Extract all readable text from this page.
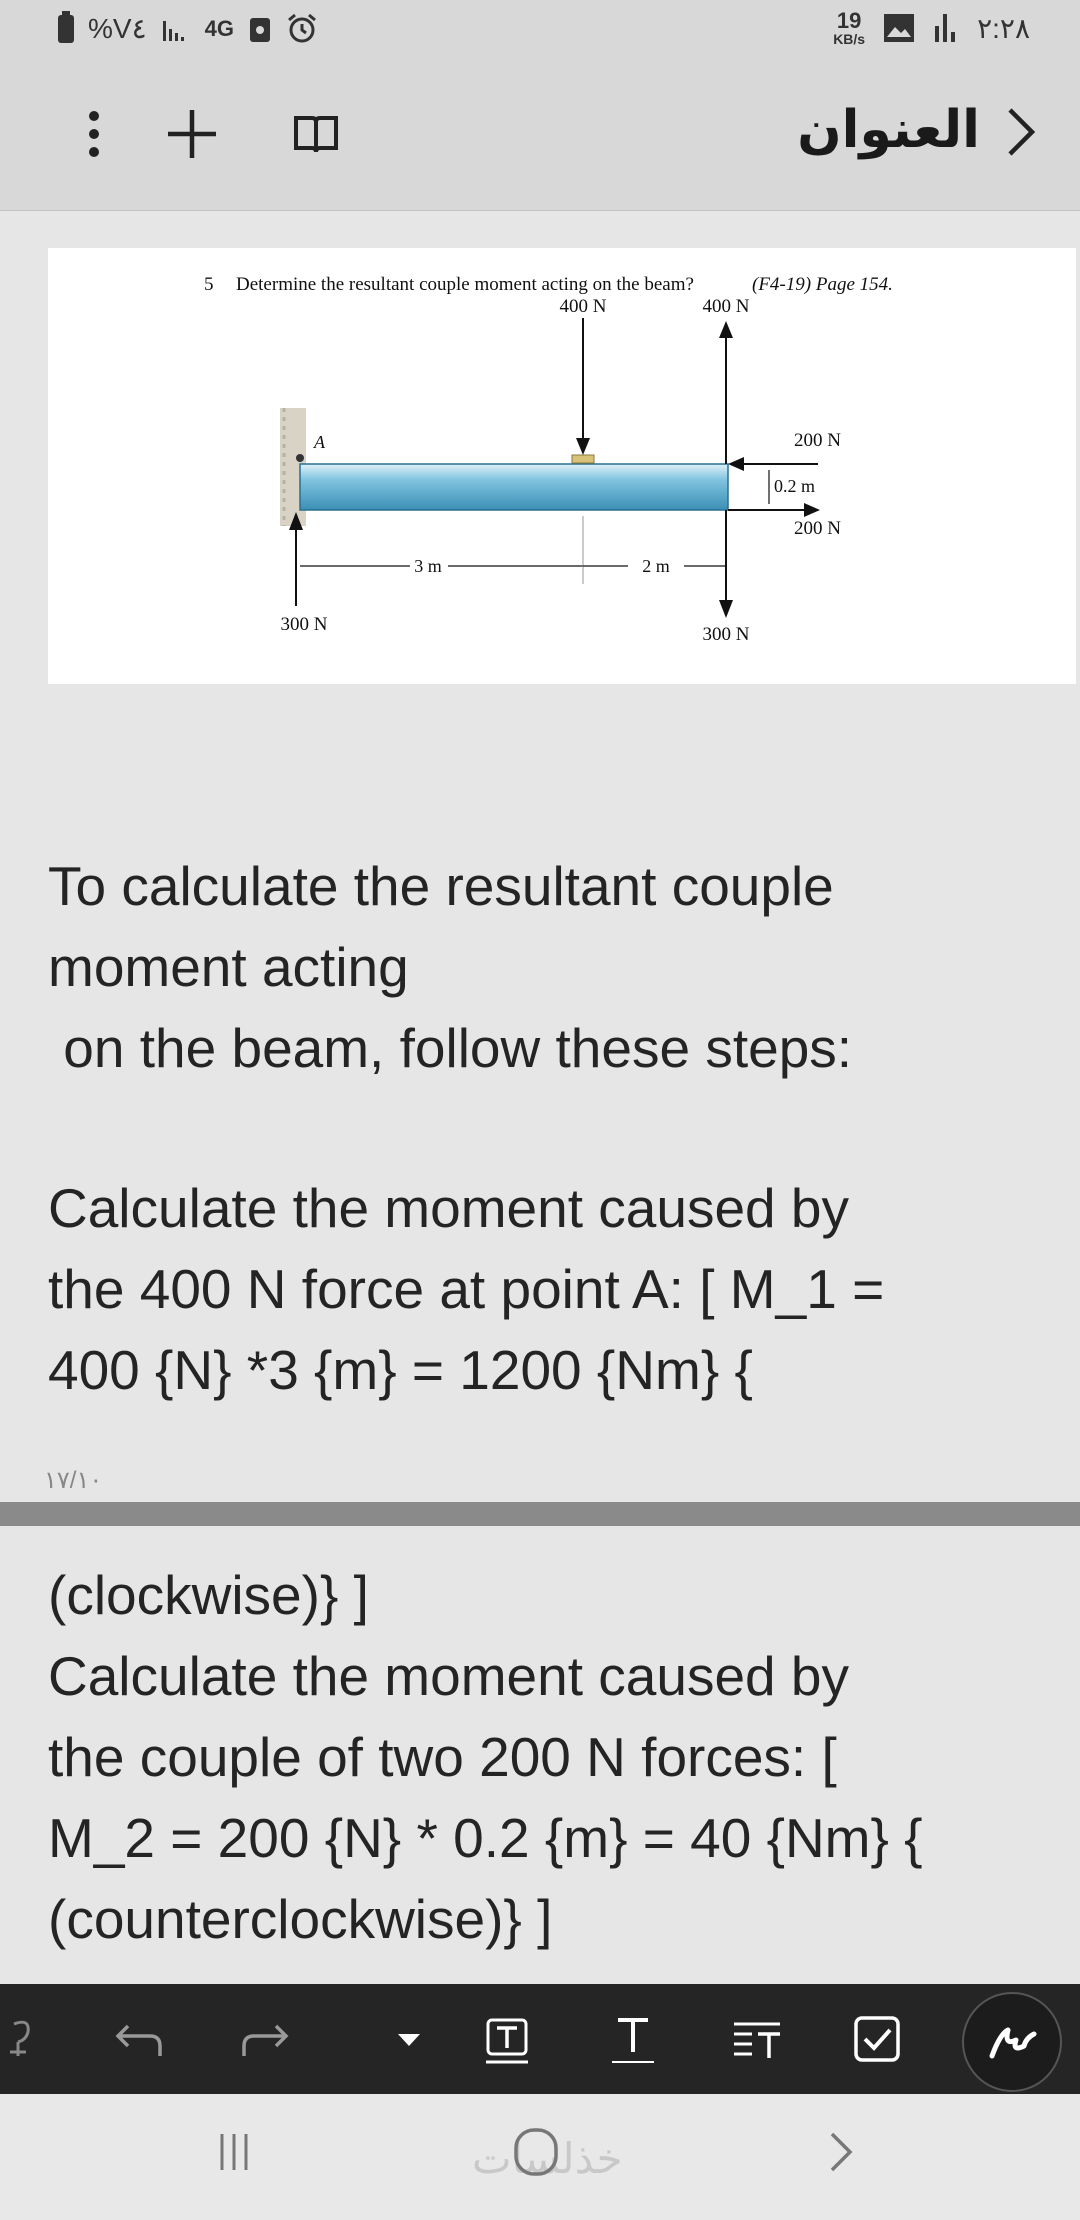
%V٤	4G	19
KB/s	٢:٢٨
العنوان
5 Determine the resultant couple moment acting on the beam?	(F4-19) Page 154.
A
400 N	400 N
200 N
200 N
0.2 m
300 N	300 N
3 m	2 m
To calculate the resultant couple
moment acting
on the beam, follow these steps:
Calculate the moment caused by
the 400 N force at point A: [ M_1 =
400 {N} *3 {m} = 1200 {Nm} {
١٧/١٠
(clockwise)} ]
Calculate the moment caused by
the couple of two 200 N forces: [
M_2 = 200 {N} * 0.2 {m} = 40 {Nm} {
(counterclockwise)} ]
خذلسات
